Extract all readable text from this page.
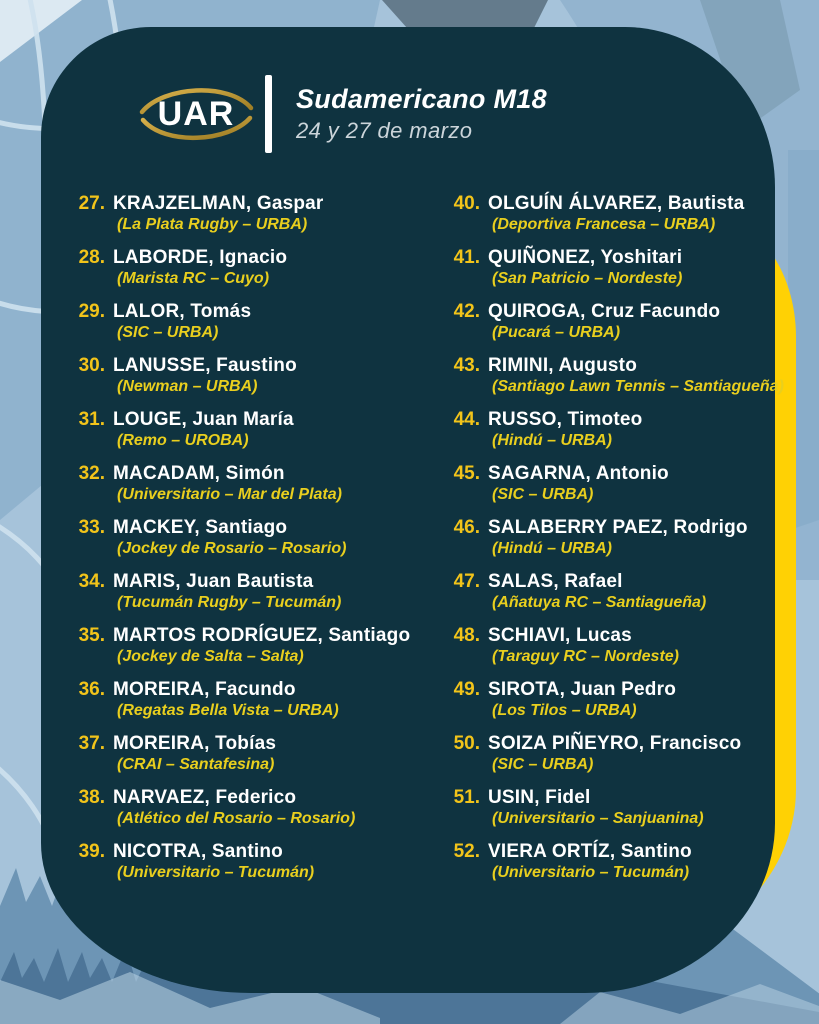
UAR	Sudamericano M18
24 y 27 de marzo
27. KRAJZELMAN, Gaspar
(La Plata Rugby – URBA)
28. LABORDE, Ignacio
(Marista RC – Cuyo)
29. LALOR, Tomás
(SIC – URBA)
30. LANUSSE, Faustino
(Newman – URBA)
31. LOUGE, Juan María
(Remo – UROBA)
32. MACADAM, Simón
(Universitario – Mar del Plata)
33. MACKEY, Santiago
(Jockey de Rosario – Rosario)
34. MARIS, Juan Bautista
(Tucumán Rugby – Tucumán)
35. MARTOS RODRÍGUEZ, Santiago
(Jockey de Salta – Salta)
36. MOREIRA, Facundo
(Regatas Bella Vista – URBA)
37. MOREIRA, Tobías
(CRAI – Santafesina)
38. NARVAEZ, Federico
(Atlético del Rosario – Rosario)
39. NICOTRA, Santino
(Universitario – Tucumán)
40. OLGUÍN ÁLVAREZ, Bautista
(Deportiva Francesa – URBA)
41. QUIÑONEZ, Yoshitari
(San Patricio – Nordeste)
42. QUIROGA, Cruz Facundo
(Pucará – URBA)
43. RIMINI, Augusto
(Santiago Lawn Tennis – Santiagueña)
44. RUSSO, Timoteo
(Hindú – URBA)
45. SAGARNA, Antonio
(SIC – URBA)
46. SALABERRY PAEZ, Rodrigo
(Hindú – URBA)
47. SALAS, Rafael
(Añatuya RC – Santiagueña)
48. SCHIAVI, Lucas
(Taraguy RC – Nordeste)
49. SIROTA, Juan Pedro
(Los Tilos – URBA)
50. SOIZA PIÑEYRO, Francisco
(SIC – URBA)
51. USIN, Fidel
(Universitario – Sanjuanina)
52. VIERA ORTÍZ, Santino
(Universitario – Tucumán)
